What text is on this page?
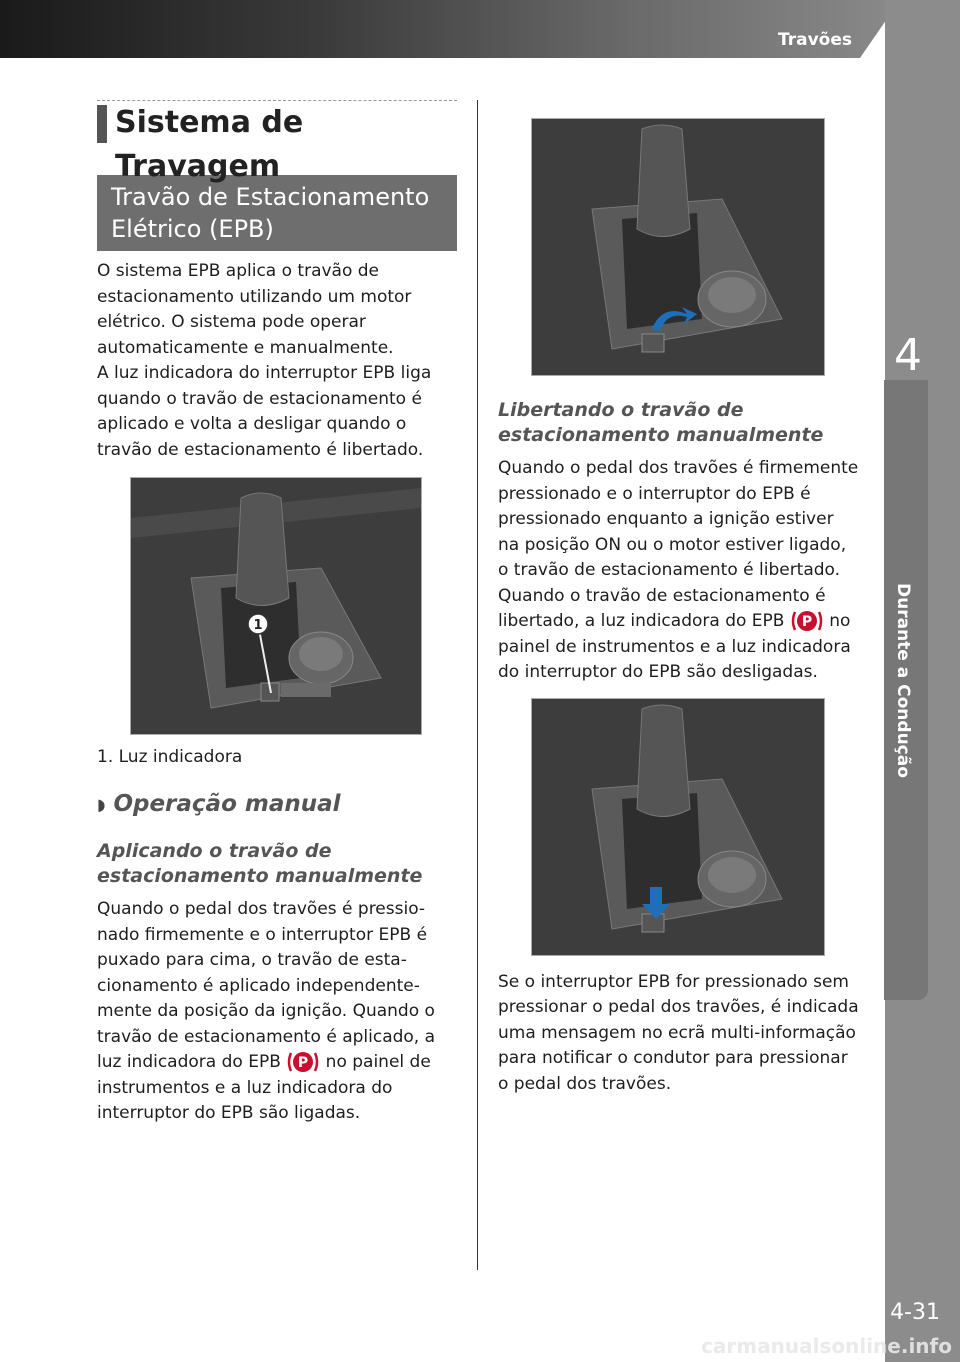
Travões
4
Durante a Condução
4-31
carmanualsonline.info
Sistema de Travagem
Travão de Estacionamento
Elétrico (EPB)

O sistema EPB aplica o travão de estacionamento utilizando um motor elétrico. O sistema pode operar automaticamente e manualmente.

A luz indicadora do interruptor EPB liga quando o travão de estacionamento é aplicado e volta a desligar quando o travão de estacionamento é libertado.

1
1. Luz indicadora
◗ Operação manual
Aplicando o travão de estacionamento manualmente

Quando o pedal dos travões é pressio-nado firmemente e o interruptor EPB é puxado para cima, o travão de esta-cionamento é aplicado independente-mente da posição da ignição. Quando o travão de estacionamento é aplicado, a luz indicadora do EPB P no painel de instrumentos e a luz indicadora do interruptor do EPB são ligadas.

Libertando o travão de estacionamento manualmente

Quando o pedal dos travões é firmemente pressionado e o interruptor do EPB é pressionado enquanto a ignição estiver na posição ON ou o motor estiver ligado, o travão de estacionamento é libertado. Quando o travão de estacionamento é libertado, a luz indicadora do EPB P no painel de instrumentos e a luz indicadora do interruptor do EPB são desligadas.

Se o interruptor EPB for pressionado sem pressionar o pedal dos travões, é indicada uma mensagem no ecrã multi-informação para notificar o condutor para pressionar o pedal dos travões.
